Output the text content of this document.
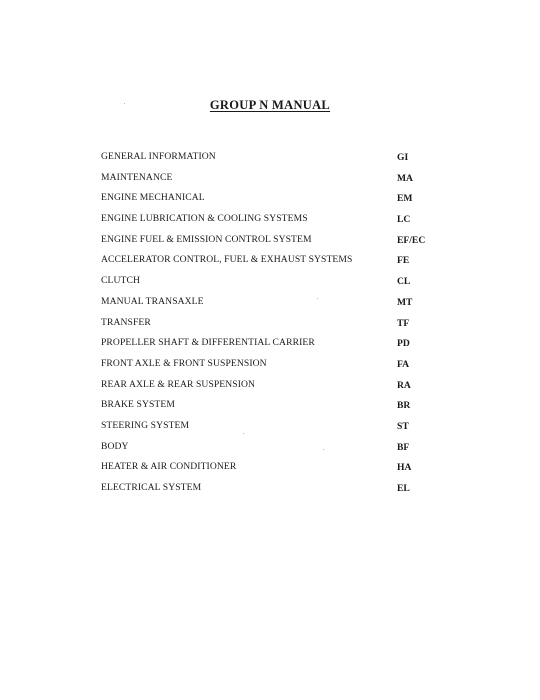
GROUP N MANUAL
GENERAL INFORMATION	GI
MAINTENANCE	MA
ENGINE MECHANICAL	EM
ENGINE LUBRICATION & COOLING SYSTEMS	LC
ENGINE FUEL & EMISSION CONTROL SYSTEM	EF/EC
ACCELERATOR CONTROL, FUEL & EXHAUST SYSTEMS	FE
CLUTCH	CL
MANUAL TRANSAXLE	MT
TRANSFER	TF
PROPELLER SHAFT & DIFFERENTIAL CARRIER	PD
FRONT AXLE & FRONT SUSPENSION	FA
REAR AXLE & REAR SUSPENSION	RA
BRAKE SYSTEM	BR
STEERING SYSTEM	ST
BODY	BF
HEATER & AIR CONDITIONER	HA
ELECTRICAL SYSTEM	EL
